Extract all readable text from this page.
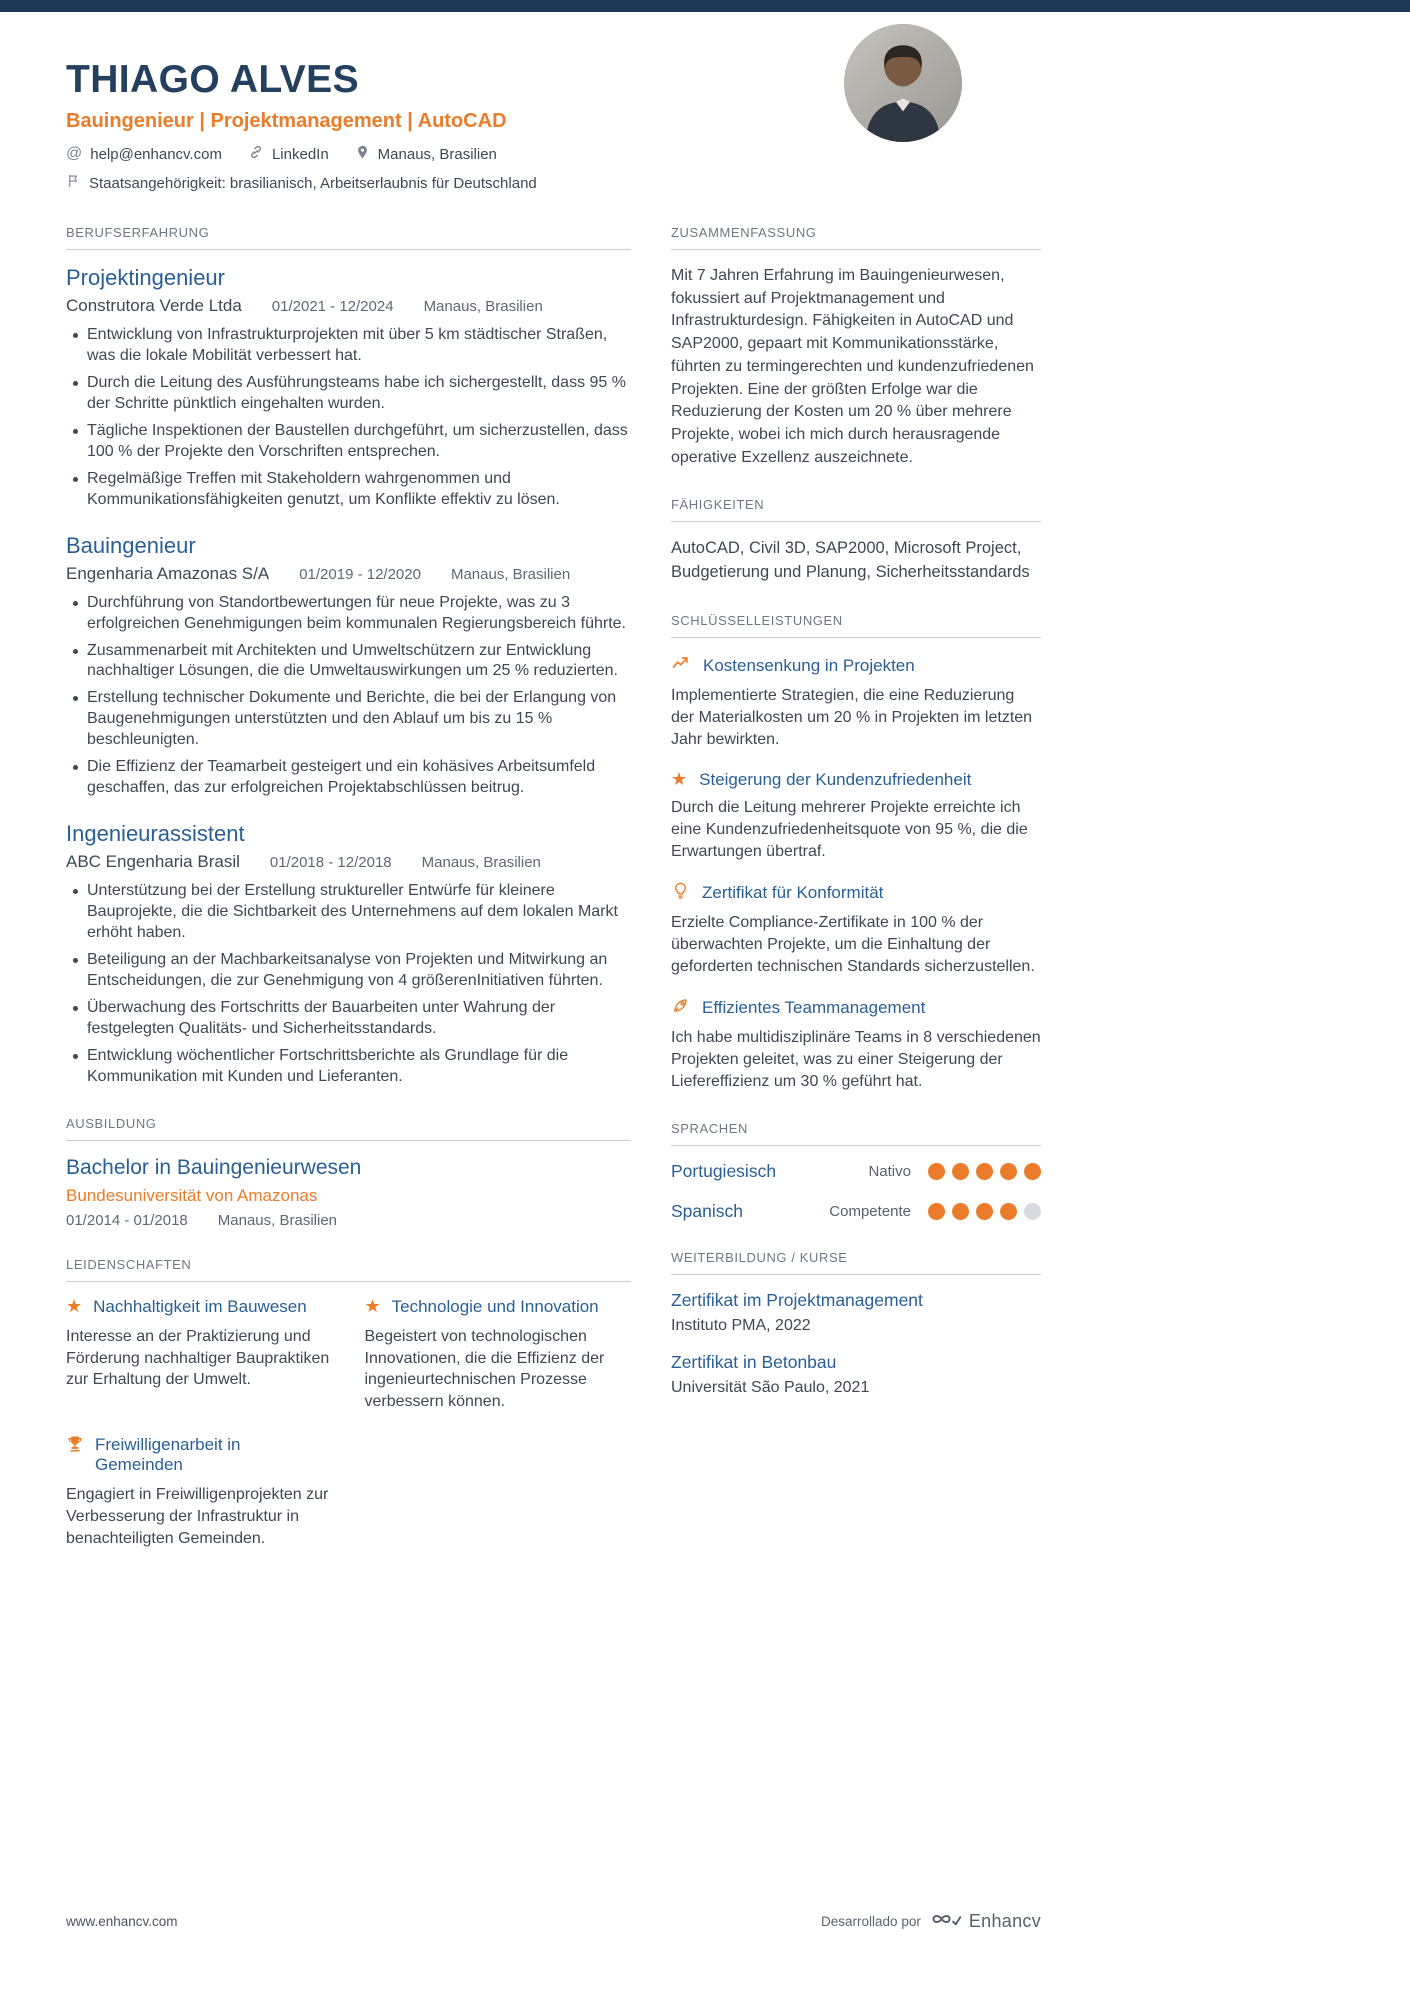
THIAGO ALVES
Bauingenieur | Projektmanagement | AutoCAD
@ help@enhancv.com	LinkedIn	Manaus, Brasilien
Staatsangehörigkeit: brasilianisch, Arbeitserlaubnis für Deutschland
BERUFSERFAHRUNG
Projektingenieur
Construtora Verde Ltda 01/2021 - 12/2024 Manaus, Brasilien
Entwicklung von Infrastrukturprojekten mit über 5 km städtischer Straßen, was die lokale Mobilität verbessert hat.
Durch die Leitung des Ausführungsteams habe ich sichergestellt, dass 95 % der Schritte pünktlich eingehalten wurden.
Tägliche Inspektionen der Baustellen durchgeführt, um sicherzustellen, dass 100 % der Projekte den Vorschriften entsprechen.
Regelmäßige Treffen mit Stakeholdern wahrgenommen und Kommunikationsfähigkeiten genutzt, um Konflikte effektiv zu lösen.
Bauingenieur
Engenharia Amazonas S/A 01/2019 - 12/2020 Manaus, Brasilien
Durchführung von Standortbewertungen für neue Projekte, was zu 3 erfolgreichen Genehmigungen beim kommunalen Regierungsbereich führte.
Zusammenarbeit mit Architekten und Umweltschützern zur Entwicklung nachhaltiger Lösungen, die die Umweltauswirkungen um 25 % reduzierten.
Erstellung technischer Dokumente und Berichte, die bei der Erlangung von Baugenehmigungen unterstützten und den Ablauf um bis zu 15 % beschleunigten.
Die Effizienz der Teamarbeit gesteigert und ein kohäsives Arbeitsumfeld geschaffen, das zur erfolgreichen Projektabschlüssen beitrug.
Ingenieurassistent
ABC Engenharia Brasil 01/2018 - 12/2018 Manaus, Brasilien
Unterstützung bei der Erstellung struktureller Entwürfe für kleinere Bauprojekte, die die Sichtbarkeit des Unternehmens auf dem lokalen Markt erhöht haben.
Beteiligung an der Machbarkeitsanalyse von Projekten und Mitwirkung an Entscheidungen, die zur Genehmigung von 4 größerenInitiativen führten.
Überwachung des Fortschritts der Bauarbeiten unter Wahrung der festgelegten Qualitäts- und Sicherheitsstandards.
Entwicklung wöchentlicher Fortschrittsberichte als Grundlage für die Kommunikation mit Kunden und Lieferanten.
AUSBILDUNG
Bachelor in Bauingenieurwesen
Bundesuniversität von Amazonas
01/2014 - 01/2018 Manaus, Brasilien
LEIDENSCHAFTEN
★ Nachhaltigkeit im Bauwesen
Interesse an der Praktizierung und Förderung nachhaltiger Baupraktiken zur Erhaltung der Umwelt.
★ Technologie und Innovation
Begeistert von technologischen Innovationen, die die Effizienz der ingenieurtechnischen Prozesse verbessern können.
Freiwilligenarbeit in Gemeinden
Engagiert in Freiwilligenprojekten zur Verbesserung der Infrastruktur in benachteiligten Gemeinden.
ZUSAMMENFASSUNG

Mit 7 Jahren Erfahrung im Bauingenieurwesen, fokussiert auf Projektmanagement und Infrastrukturdesign. Fähigkeiten in AutoCAD und SAP2000, gepaart mit Kommunikationsstärke, führten zu termingerechten und kundenzufriedenen Projekten. Eine der größten Erfolge war die Reduzierung der Kosten um 20 % über mehrere Projekte, wobei ich mich durch herausragende operative Exzellenz auszeichnete.

FÄHIGKEITEN

AutoCAD, Civil 3D, SAP2000, Microsoft Project, Budgetierung und Planung, Sicherheitsstandards

SCHLÜSSELLEISTUNGEN
Kostensenkung in Projekten
Implementierte Strategien, die eine Reduzierung der Materialkosten um 20 % in Projekten im letzten Jahr bewirkten.
★ Steigerung der Kundenzufriedenheit
Durch die Leitung mehrerer Projekte erreichte ich eine Kundenzufriedenheitsquote von 95 %, die die Erwartungen übertraf.
Zertifikat für Konformität
Erzielte Compliance-Zertifikate in 100 % der überwachten Projekte, um die Einhaltung der geforderten technischen Standards sicherzustellen.
Effizientes Teammanagement
Ich habe multidisziplinäre Teams in 8 verschiedenen Projekten geleitet, was zu einer Steigerung der Liefereffizienz um 30 % geführt hat.
SPRACHEN
Portugiesisch	Nativo
Spanisch	Competente
WEITERBILDUNG / KURSE
Zertifikat im Projektmanagement
Instituto PMA, 2022
Zertifikat in Betonbau
Universität São Paulo, 2021
www.enhancv.com	Desarrollado por	Enhancv
